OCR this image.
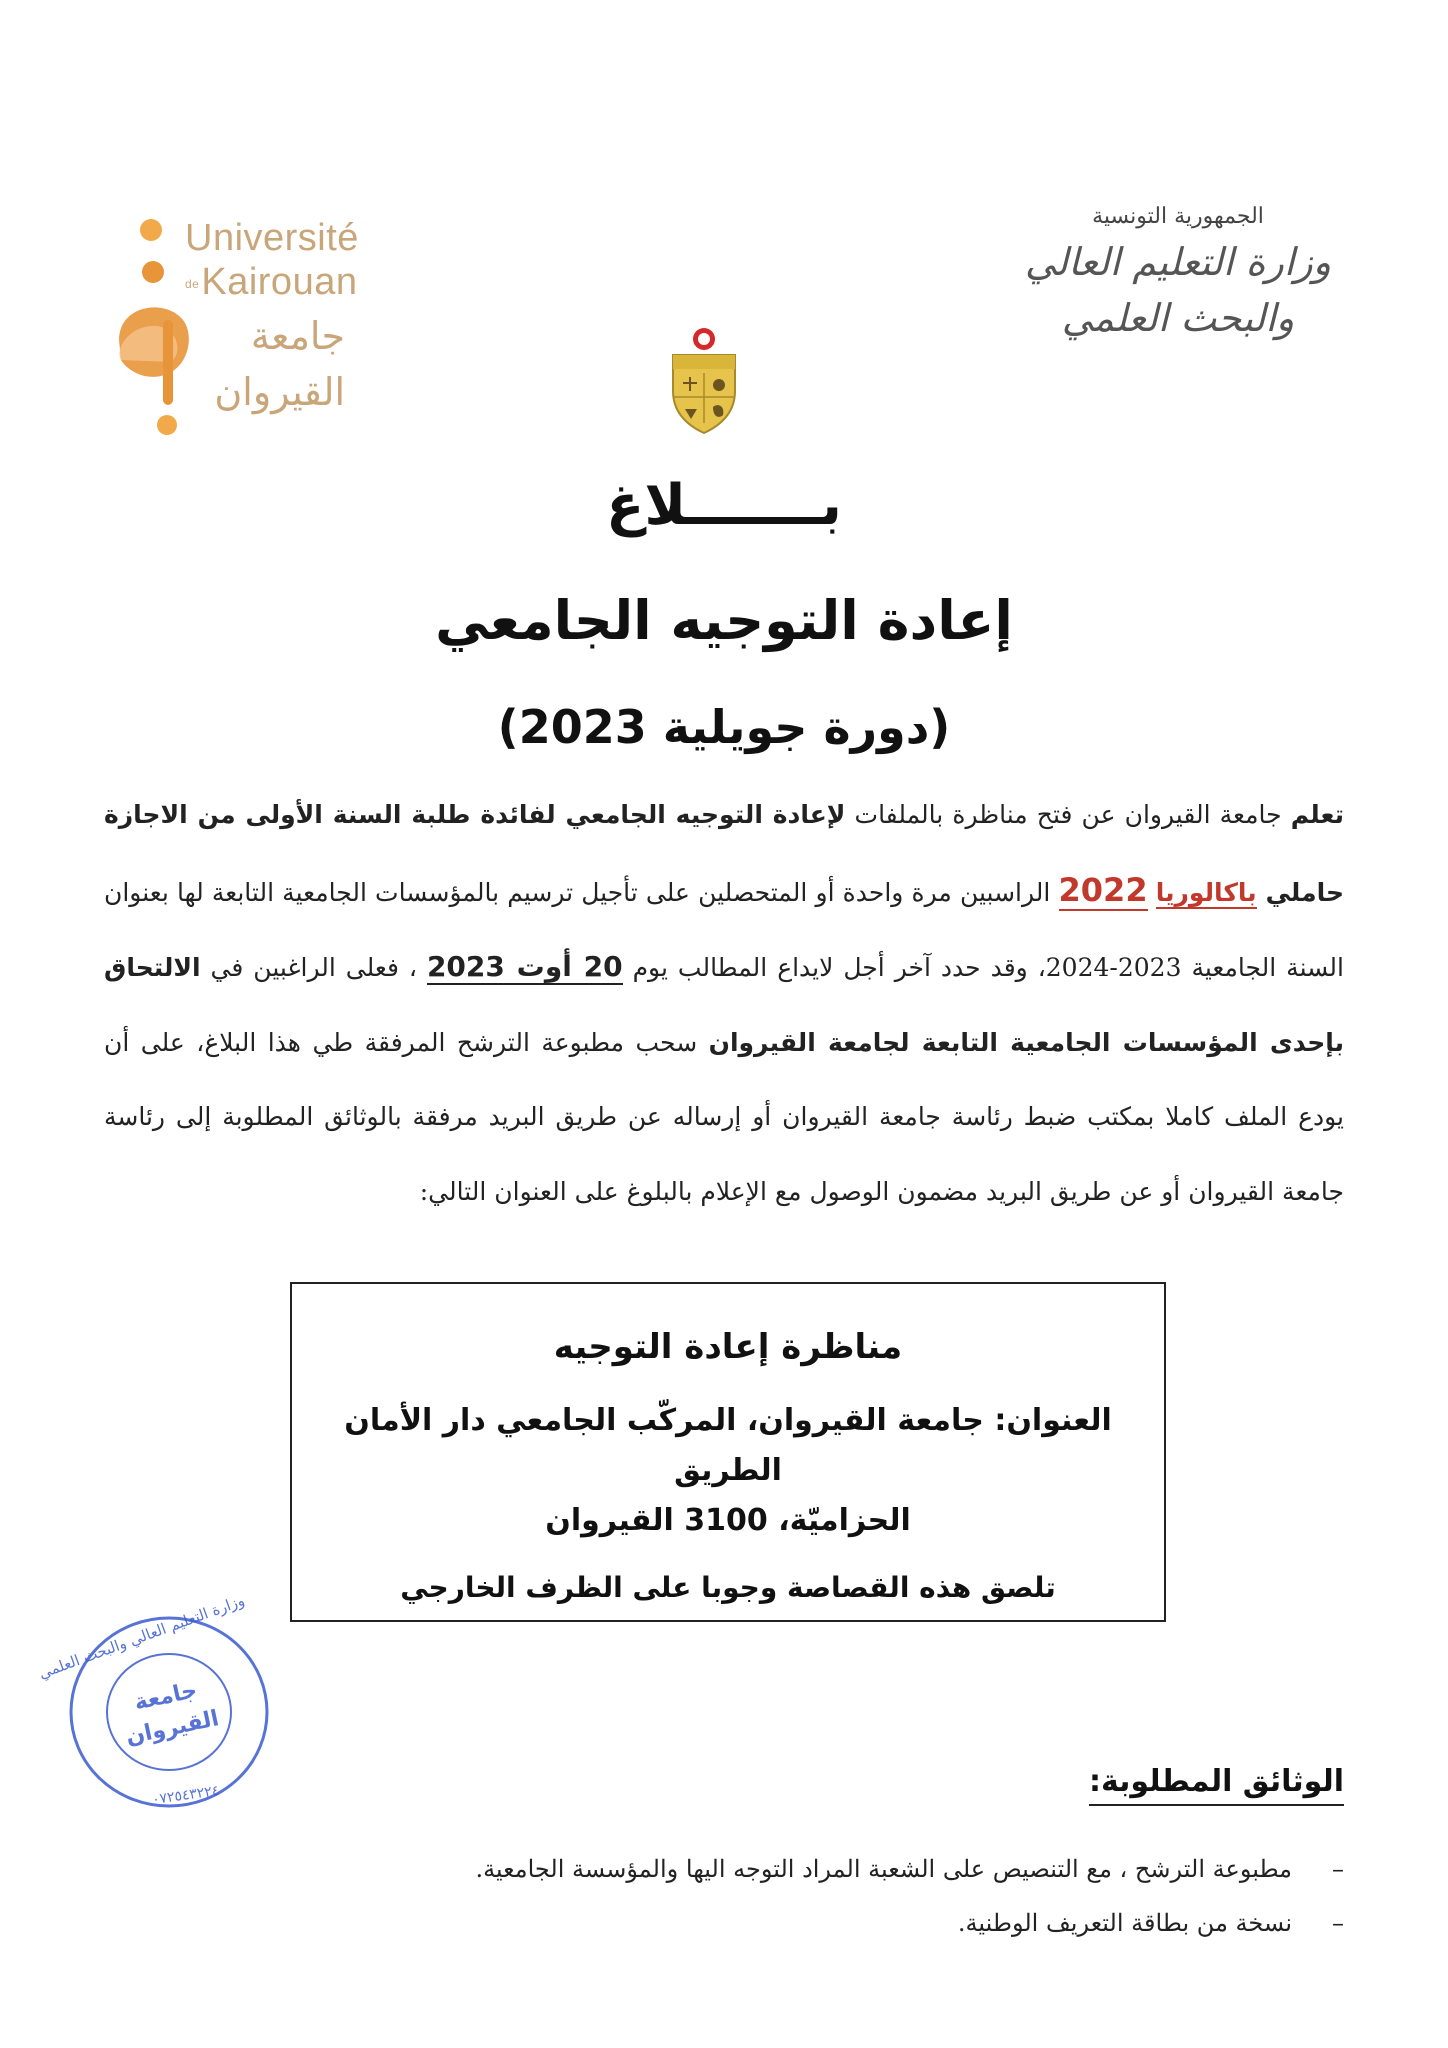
Université
deKairouan
جامعة
القيروان
الجمهورية التونسية
وزارة التعليم العالي
والبحث العلمي
بـــــــلاغ
إعادة التوجيه الجامعي
(دورة جويلية 2023)
تعلم جامعة القيروان عن فتح مناظرة بالملفات لإعادة التوجيه الجامعي لفائدة طلبة السنة الأولى من الاجازة حاملي باكالوريا 2022 الراسبين مرة واحدة أو المتحصلين على تأجيل ترسيم بالمؤسسات الجامعية التابعة لها بعنوان السنة الجامعية 2023-2024، وقد حدد آخر أجل لايداع المطالب يوم 20 أوت 2023 ، فعلى الراغبين في الالتحاق بإحدى المؤسسات الجامعية التابعة لجامعة القيروان سحب مطبوعة الترشح المرفقة طي هذا البلاغ، على أن يودع الملف كاملا بمكتب ضبط رئاسة جامعة القيروان أو إرساله عن طريق البريد مرفقة بالوثائق المطلوبة إلى رئاسة جامعة القيروان أو عن طريق البريد مضمون الوصول مع الإعلام بالبلوغ على العنوان التالي:
مناظرة إعادة التوجيه
العنوان: جامعة القيروان، المركّب الجامعي دار الأمان الطريق
الحزاميّة، 3100 القيروان
تلصق هذه القصاصة وجوبا على الظرف الخارجي
جامعة
القيروان
وزارة التعليم العالي والبحث العلمي
٠٧٢٥٤٣٢٢٤	الوثائق المطلوبة:
–
مطبوعة الترشح ، مع التنصيص على الشعبة المراد التوجه اليها والمؤسسة الجامعية.
–
نسخة من بطاقة التعريف الوطنية.
